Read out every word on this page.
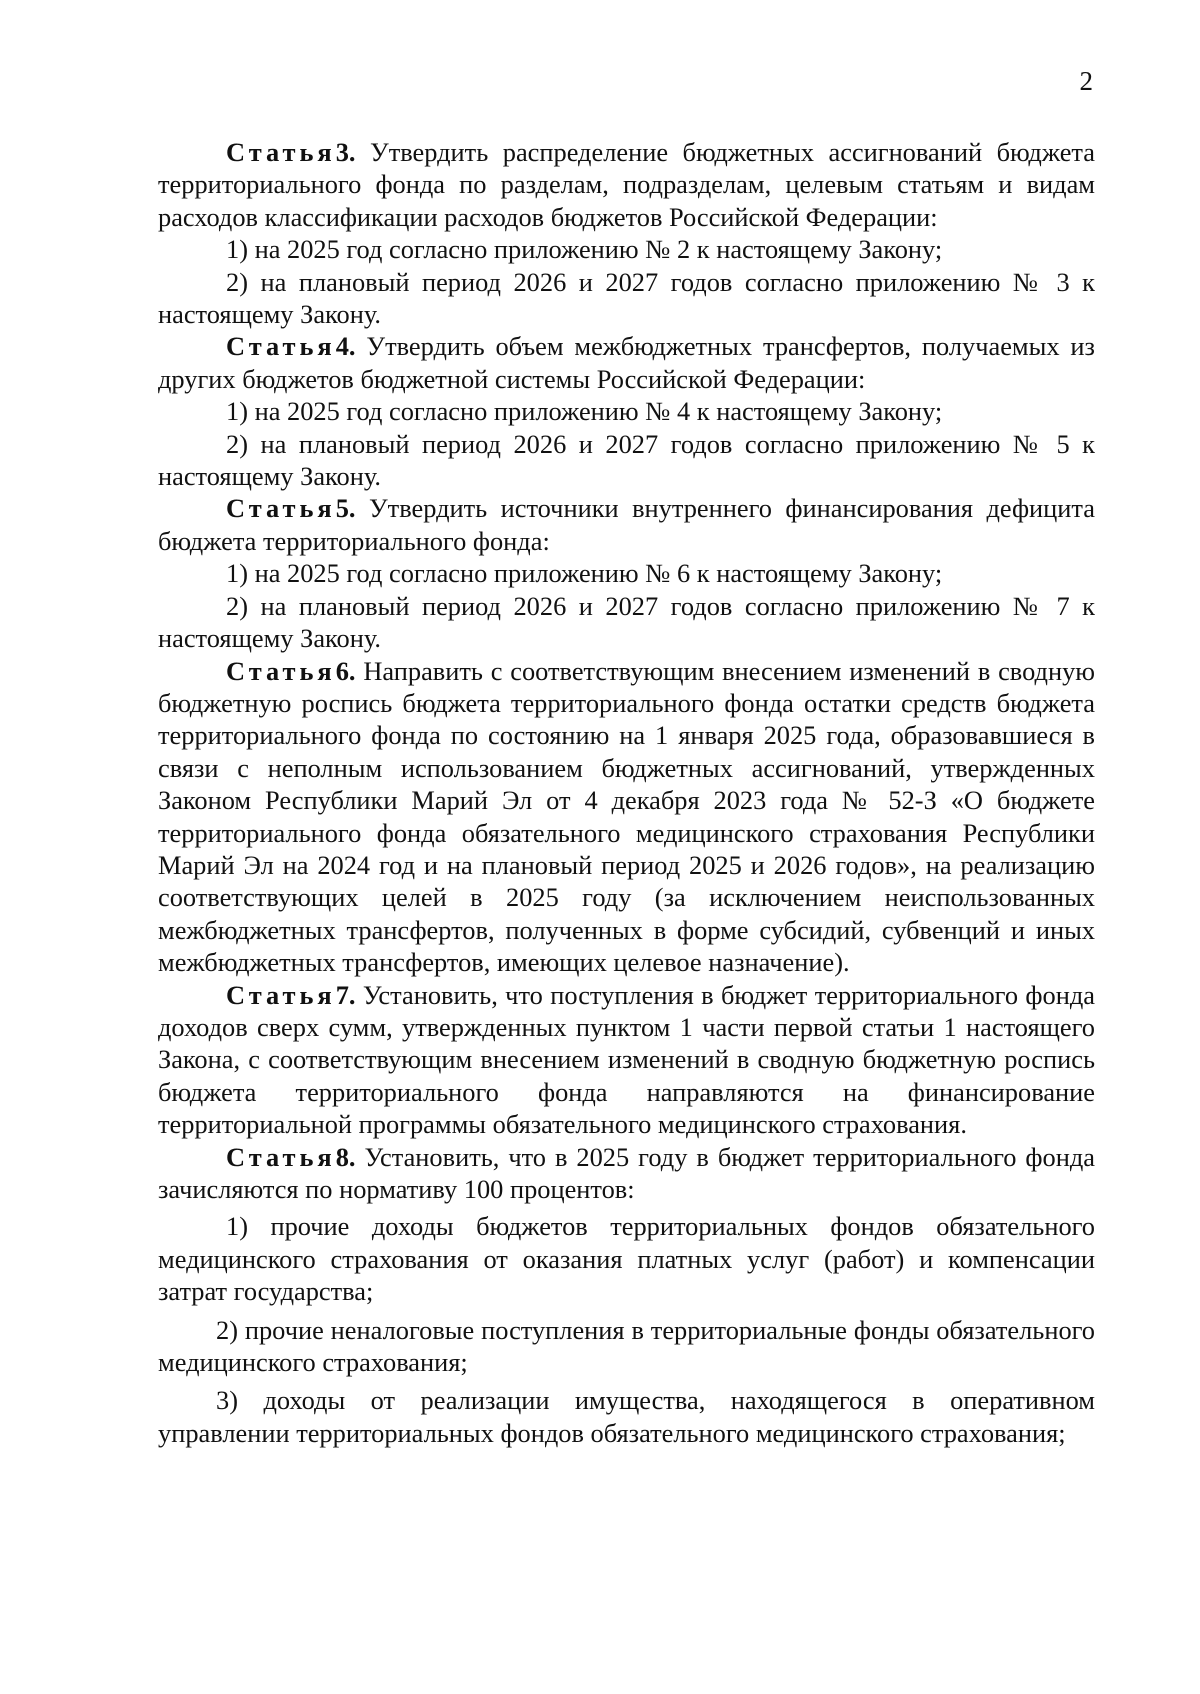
2

Статья3. Утвердить распределение бюджетных ассигнований бюджета территориального фонда по разделам, подразделам, целевым статьям и видам расходов классификации расходов бюджетов Российской Федерации:

1) на 2025 год согласно приложению № 2 к настоящему Закону;

2) на плановый период 2026 и 2027 годов согласно приложению № 3 к настоящему Закону.

Статья4. Утвердить объем межбюджетных трансфертов, получаемых из других бюджетов бюджетной системы Российской Федерации:

1) на 2025 год согласно приложению № 4 к настоящему Закону;

2) на плановый период 2026 и 2027 годов согласно приложению № 5 к настоящему Закону.

Статья5. Утвердить источники внутреннего финансирования дефицита бюджета территориального фонда:

1) на 2025 год согласно приложению № 6 к настоящему Закону;

2) на плановый период 2026 и 2027 годов согласно приложению № 7 к настоящему Закону.

Статья6. Направить с соответствующим внесением изменений в сводную бюджетную роспись бюджета территориального фонда остатки средств бюджета территориального фонда по состоянию на 1 января 2025 года, образовавшиеся в связи с неполным использованием бюджетных ассигнований, утвержденных Законом Республики Марий Эл от 4 декабря 2023 года № 52-З «О бюджете территориального фонда обязательного медицинского страхования Республики Марий Эл на 2024 год и на плановый период 2025 и 2026 годов», на реализацию соответствующих целей в 2025 году (за исключением неиспользованных межбюджетных трансфертов, полученных в форме субсидий, субвенций и иных межбюджетных трансфертов, имеющих целевое назначение).

Статья7. Установить, что поступления в бюджет территориального фонда доходов сверх сумм, утвержденных пунктом 1 части первой статьи 1 настоящего Закона, с соответствующим внесением изменений в сводную бюджетную роспись бюджета территориального фонда направляются на финансирование территориальной программы обязательного медицинского страхования.

Статья8. Установить, что в 2025 году в бюджет территориального фонда зачисляются по нормативу 100 процентов:

1) прочие доходы бюджетов территориальных фондов обязательного медицинского страхования от оказания платных услуг (работ) и компенсации затрат государства;

2) прочие неналоговые поступления в территориальные фонды обязательного медицинского страхования;

3) доходы от реализации имущества, находящегося в оперативном управлении территориальных фондов обязательного медицинского страхования;
